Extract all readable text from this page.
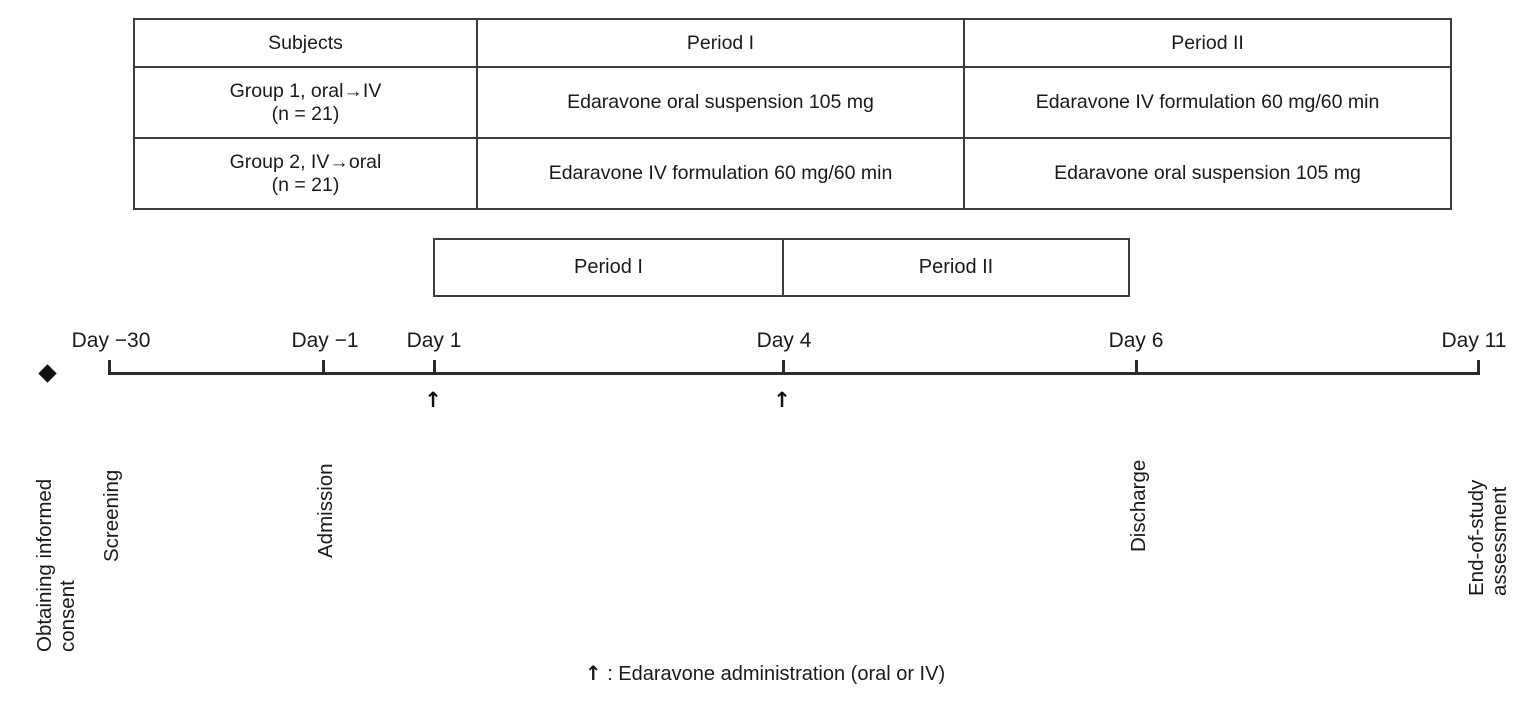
Subjects	Period I	Period II
Group 1, oral→IV
(n = 21)	Edaravone oral suspension 105 mg	Edaravone IV formulation 60 mg/60 min
Group 2, IV→oral
(n = 21)	Edaravone IV formulation 60 mg/60 min	Edaravone oral suspension 105 mg
Period I	Period II
Day −30	Day −1 Day 1	Day 4	Day 6	Day 11
↑	↑
Obtaining informed consent
Screening	Admission	Discharge	End-of-study assessment
↑ : Edaravone administration (oral or IV)
